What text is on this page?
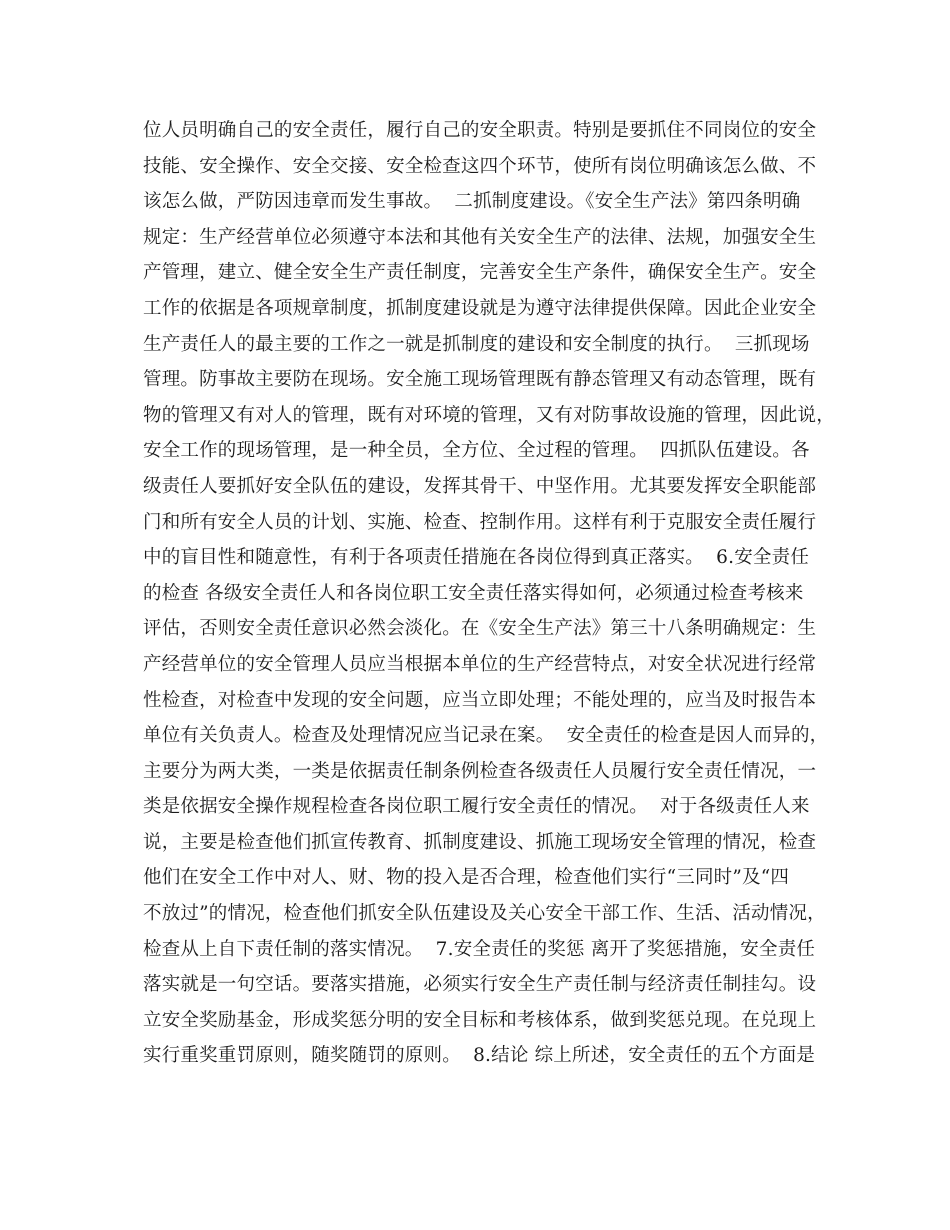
位人员明确自己的安全责任，履行自己的安全职责。特别是要抓住不同岗位的安全
技能、安全操作、安全交接、安全检查这四个环节，使所有岗位明确该怎么做、不
该怎么做，严防因违章而发生事故。  二抓制度建设。《安全生产法》第四条明确
规定：生产经营单位必须遵守本法和其他有关安全生产的法律、法规，加强安全生
产管理，建立、健全安全生产责任制度，完善安全生产条件，确保安全生产。安全
工作的依据是各项规章制度，抓制度建设就是为遵守法律提供保障。因此企业安全
生产责任人的最主要的工作之一就是抓制度的建设和安全制度的执行。  三抓现场
管理。防事故主要防在现场。安全施工现场管理既有静态管理又有动态管理，既有
物的管理又有对人的管理，既有对环境的管理，又有对防事故设施的管理，因此说，
安全工作的现场管理，是一种全员，全方位、全过程的管理。  四抓队伍建设。各
级责任人要抓好安全队伍的建设，发挥其骨干、中坚作用。尤其要发挥安全职能部
门和所有安全人员的计划、实施、检查、控制作用。这样有利于克服安全责任履行
中的盲目性和随意性，有利于各项责任措施在各岗位得到真正落实。  6.安全责任
的检查 各级安全责任人和各岗位职工安全责任落实得如何，必须通过检查考核来
评估，否则安全责任意识必然会淡化。在《安全生产法》第三十八条明确规定：生
产经营单位的安全管理人员应当根据本单位的生产经营特点，对安全状况进行经常
性检查，对检查中发现的安全问题，应当立即处理；不能处理的，应当及时报告本
单位有关负责人。检查及处理情况应当记录在案。  安全责任的检查是因人而异的，
主要分为两大类，一类是依据责任制条例检查各级责任人员履行安全责任情况，一
类是依据安全操作规程检查各岗位职工履行安全责任的情况。  对于各级责任人来
说，主要是检查他们抓宣传教育、抓制度建设、抓施工现场安全管理的情况，检查
他们在安全工作中对人、财、物的投入是否合理，检查他们实行“三同时”及“四
不放过”的情况，检查他们抓安全队伍建设及关心安全干部工作、生活、活动情况，
检查从上自下责任制的落实情况。  7.安全责任的奖惩 离开了奖惩措施，安全责任
落实就是一句空话。要落实措施，必须实行安全生产责任制与经济责任制挂勾。设
立安全奖励基金，形成奖惩分明的安全目标和考核体系，做到奖惩兑现。在兑现上
实行重奖重罚原则，随奖随罚的原则。  8.结论 综上所述，安全责任的五个方面是
